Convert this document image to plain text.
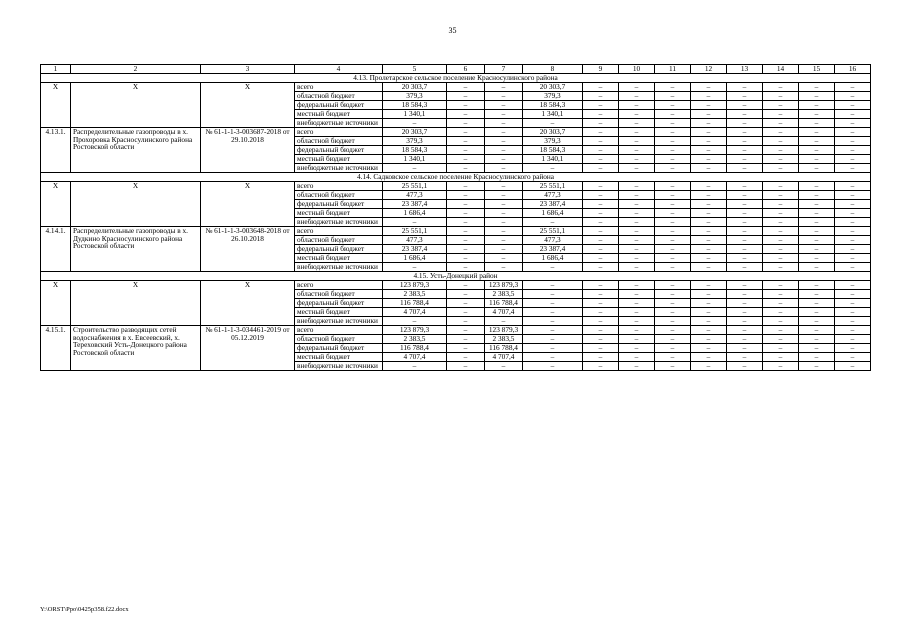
35
1	2	3	4	5	6	7	8	9	10	11	12	13	14	15	16
4.13. Пролетарское сельское поселение Красносулинского района															
Х	Х	Х	всего	20 303,7	–	–	20 303,7	–	–	–	–	–	–	–	–
			областной бюджет	379,3	–	–	379,3	–	–	–	–	–	–	–	–
			федеральный бюджет	18 584,3	–	–	18 584,3	–	–	–	–	–	–	–	–
			местный бюджет	1 340,1	–	–	1 340,1	–	–	–	–	–	–	–	–
			внебюджетные источники	–	–	–	–	–	–	–	–	–	–	–	–
4.13.1.	Распределительные газопроводы в х. Прохоровка Красносулинского района Ростовской области	№ 61-1-1-3-003687-2018 от 29.10.2018	всего	20 303,7	–	–	20 303,7	–	–	–	–	–	–	–	–
			областной бюджет	379,3	–	–	379,3	–	–	–	–	–	–	–	–
			федеральный бюджет	18 584,3	–	–	18 584,3	–	–	–	–	–	–	–	–
			местный бюджет	1 340,1	–	–	1 340,1	–	–	–	–	–	–	–	–
			внебюджетные источники	–	–	–	–	–	–	–	–	–	–	–	–
4.14. Садковское сельское поселение Красносулинского района															
Х	Х	Х	всего	25 551,1	–	–	25 551,1	–	–	–	–	–	–	–	–
			областной бюджет	477,3	–	–	477,3	–	–	–	–	–	–	–	–
			федеральный бюджет	23 387,4	–	–	23 387,4	–	–	–	–	–	–	–	–
			местный бюджет	1 686,4	–	–	1 686,4	–	–	–	–	–	–	–	–
			внебюджетные источники	–	–	–	–	–	–	–	–	–	–	–	–
4.14.1.	Распределительные газопроводы в х. Дудкино Красносулинского района Ростовской области	№ 61-1-1-3-003648-2018 от 26.10.2018	всего	25 551,1	–	–	25 551,1	–	–	–	–	–	–	–	–
			областной бюджет	477,3	–	–	477,3	–	–	–	–	–	–	–	–
			федеральный бюджет	23 387,4	–	–	23 387,4	–	–	–	–	–	–	–	–
			местный бюджет	1 686,4	–	–	1 686,4	–	–	–	–	–	–	–	–
			внебюджетные источники	–	–	–	–	–	–	–	–	–	–	–	–
4.15. Усть-Донецкий район															
Х	Х	Х	всего	123 879,3	–	123 879,3	–	–	–	–	–	–	–	–	–
			областной бюджет	2 383,5	–	2 383,5	–	–	–	–	–	–	–	–	–
			федеральный бюджет	116 788,4	–	116 788,4	–	–	–	–	–	–	–	–	–
			местный бюджет	4 707,4	–	4 707,4	–	–	–	–	–	–	–	–	–
			внебюджетные источники	–	–	–	–	–	–	–	–	–	–	–	–
4.15.1.	Строительство разводящих сетей водоснабжения в х. Евсеевский, х. Тереховский Усть-Донецкого района Ростовской области	№ 61-1-1-3-034461-2019 от 05.12.2019	всего	123 879,3	–	123 879,3	–	–	–	–	–	–	–	–	–
			областной бюджет	2 383,5	–	2 383,5	–	–	–	–	–	–	–	–	–
			федеральный бюджет	116 788,4	–	116 788,4	–	–	–	–	–	–	–	–	–
			местный бюджет	4 707,4	–	4 707,4	–	–	–	–	–	–	–	–	–
			внебюджетные источники	–	–	–	–	–	–	–	–	–	–	–	–
Y:\ORST\Ppo\0425p358.f22.docx
